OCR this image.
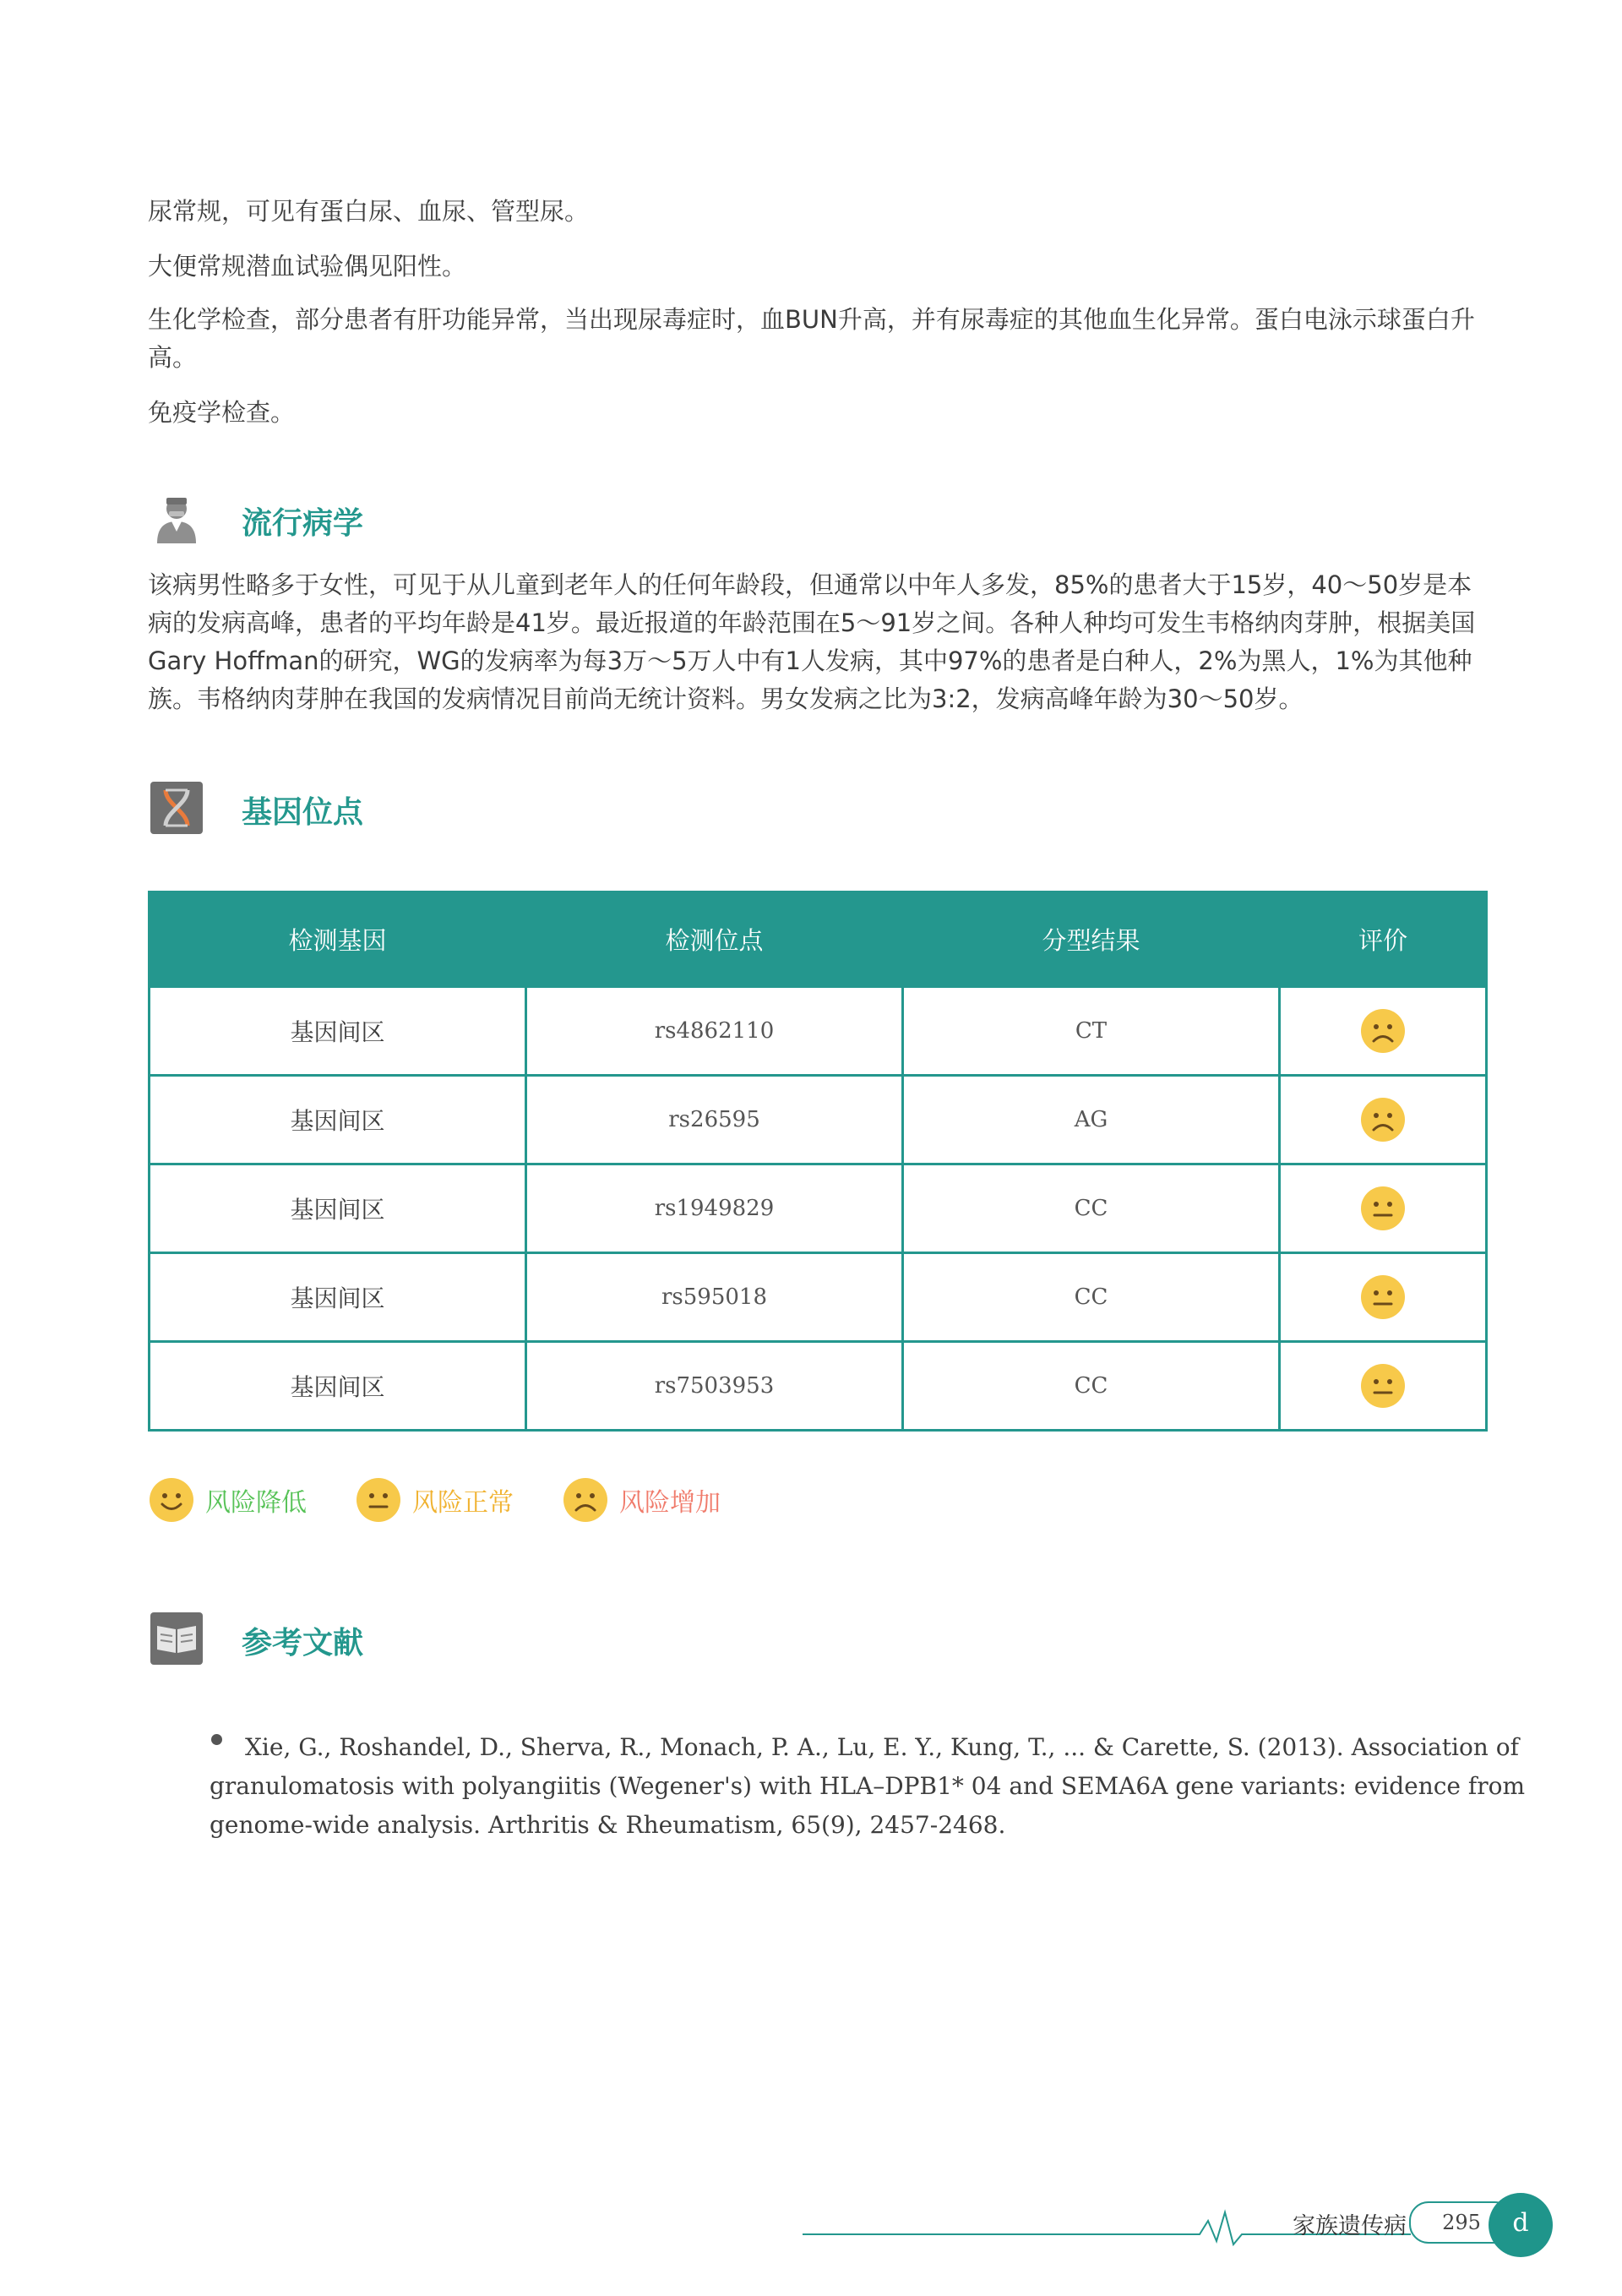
尿常规，可见有蛋白尿、血尿、管型尿。
大便常规潜血试验偶见阳性。
生化学检查，部分患者有肝功能异常，当出现尿毒症时，血BUN升高，并有尿毒症的其他血生化异常。蛋白电泳示球蛋白升高。
免疫学检查。
流行病学
该病男性略多于女性，可见于从儿童到老年人的任何年龄段，但通常以中年人多发，85%的患者大于15岁，40～50岁是本病的发病高峰，患者的平均年龄是41岁。最近报道的年龄范围在5～91岁之间。各种人种均可发生韦格纳肉芽肿，根据美国Gary Hoffman的研究，WG的发病率为每3万～5万人中有1人发病，其中97%的患者是白种人，2%为黑人，1%为其他种族。韦格纳肉芽肿在我国的发病情况目前尚无统计资料。男女发病之比为3:2，发病高峰年龄为30～50岁。
基因位点
检测基因	检测位点	分型结果	评价
基因间区	rs4862110	CT	
基因间区	rs26595	AG	
基因间区	rs1949829	CC	
基因间区	rs595018	CC	
基因间区	rs7503953	CC	
风险降低	风险正常	风险增加
参考文献
Xie, G., Roshandel, D., Sherva, R., Monach, P. A., Lu, E. Y., Kung, T., ... & Carette, S. (2013). Association of granulomatosis with polyangiitis (Wegener's) with HLA–DPB1* 04 and SEMA6A gene variants: evidence from genome-wide analysis. Arthritis & Rheumatism, 65(9), 2457-2468.
家族遗传病	295	d
